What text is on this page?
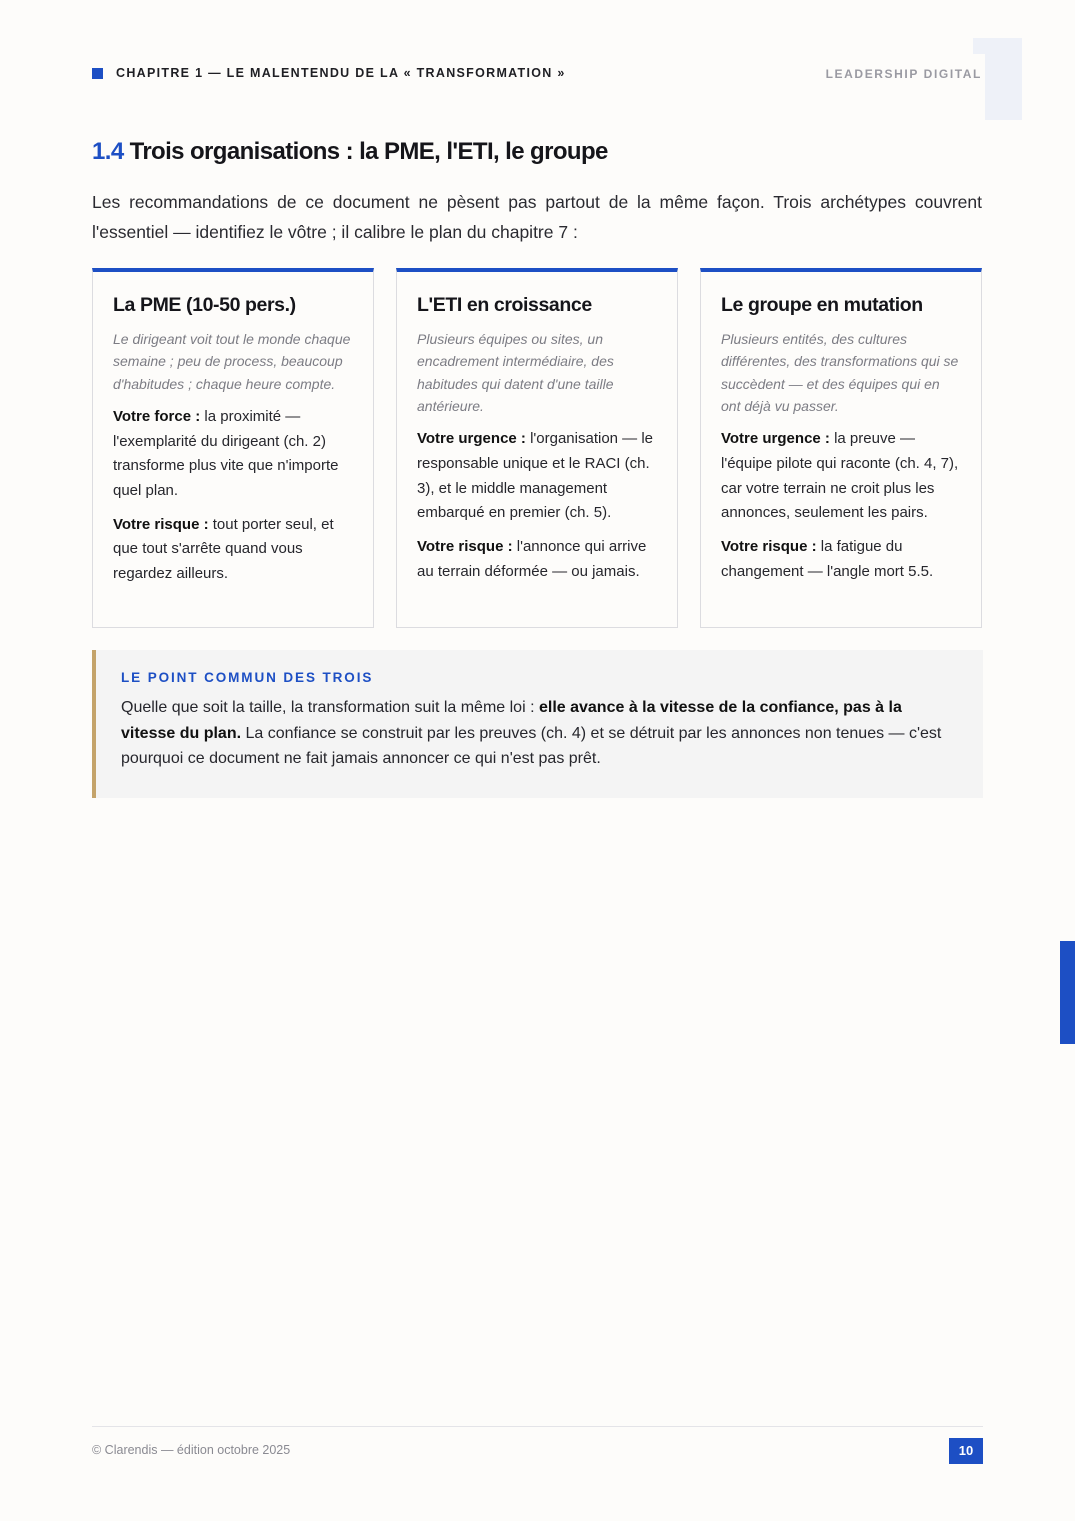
CHAPITRE 1 — LE MALENTENDU DE LA « TRANSFORMATION »	LEADERSHIP DIGITAL
1.4 Trois organisations : la PME, l'ETI, le groupe
Les recommandations de ce document ne pèsent pas partout de la même façon. Trois archétypes couvrent l'essentiel — identifiez le vôtre ; il calibre le plan du chapitre 7 :
La PME (10-50 pers.)
Le dirigeant voit tout le monde chaque semaine ; peu de process, beaucoup d'habitudes ; chaque heure compte.

Votre force : la proximité — l'exemplarité du dirigeant (ch. 2) transforme plus vite que n'importe quel plan.

Votre risque : tout porter seul, et que tout s'arrête quand vous regardez ailleurs.

L'ETI en croissance
Plusieurs équipes ou sites, un encadrement intermédiaire, des habitudes qui datent d'une taille antérieure.

Votre urgence : l'organisation — le responsable unique et le RACI (ch. 3), et le middle management embarqué en premier (ch. 5).

Votre risque : l'annonce qui arrive au terrain déformée — ou jamais.

Le groupe en mutation
Plusieurs entités, des cultures différentes, des transformations qui se succèdent — et des équipes qui en ont déjà vu passer.

Votre urgence : la preuve — l'équipe pilote qui raconte (ch. 4, 7), car votre terrain ne croit plus les annonces, seulement les pairs.

Votre risque : la fatigue du changement — l'angle mort 5.5.

LE POINT COMMUN DES TROIS
Quelle que soit la taille, la transformation suit la même loi : elle avance à la vitesse de la confiance, pas à la vitesse du plan. La confiance se construit par les preuves (ch. 4) et se détruit par les annonces non tenues — c'est pourquoi ce document ne fait jamais annoncer ce qui n'est pas prêt.
© Clarendis — édition octobre 2025	10
